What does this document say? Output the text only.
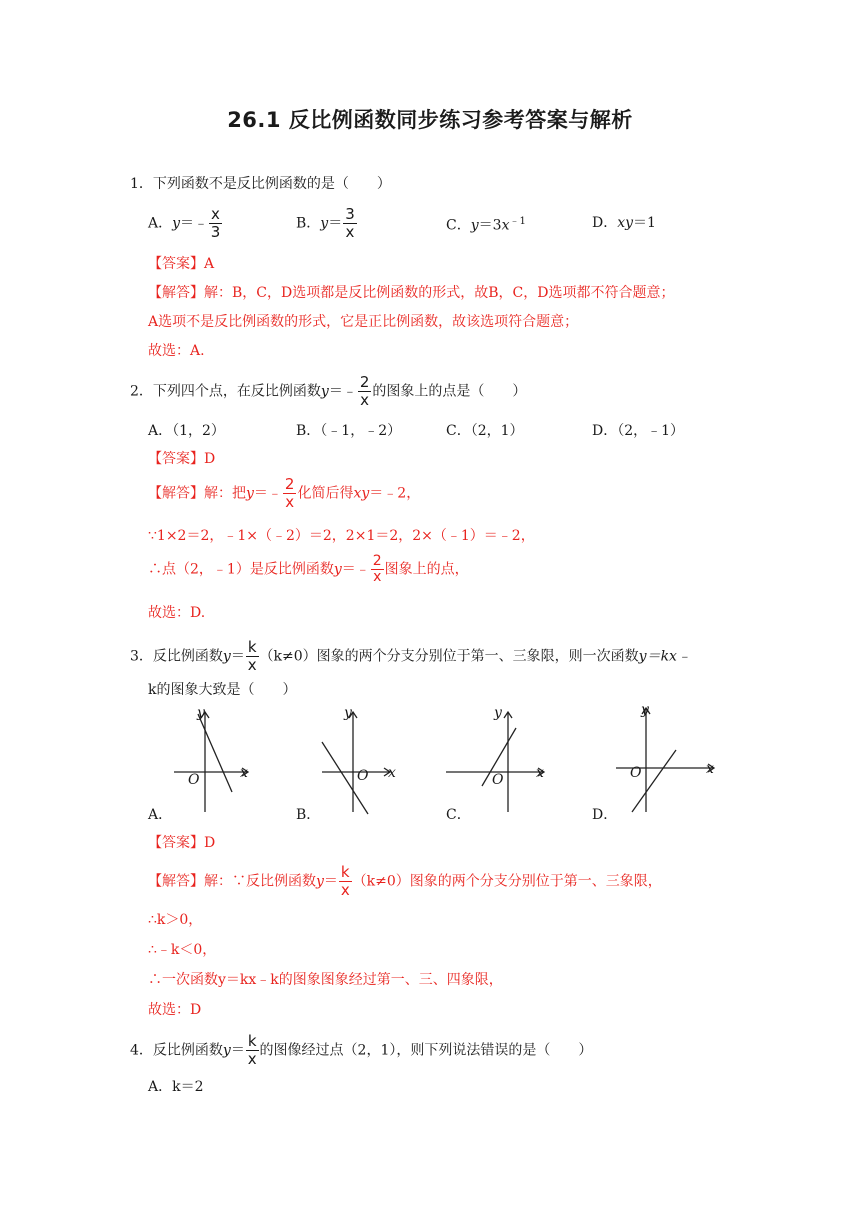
26.1 反比例函数同步练习参考答案与解析
1．下列函数不是反比例函数的是（　　）
A．y＝﹣ $\frac{x}{3}$	B．$y= \frac{3}{x}$	C．$y=3x^{﹣1}$	D．xy＝1
【答案】A
【解答】解：B，C，D选项都是反比例函数的形式，故B，C，D选项都不符合题意；
A选项不是反比例函数的形式，它是正比例函数，故该选项符合题意；
故选：A.
2．下列四个点，在反比例函数y＝﹣ $\frac{2}{x}$ 的图象上的点是（　　）
A．（1，2）	B．（﹣1，﹣2）	C．（2，1）	D．（2，﹣1）
【答案】D
【解答】解：把y＝﹣ $\frac{2}{x}$ 化简后得xy＝﹣2，
∵1×2＝2，﹣1×（﹣2）＝2，2×1＝2，2×（﹣1）＝﹣2，
∴点（2，﹣1）是反比例函数y＝﹣ $\frac{2}{x}$ 图象上的点，
故选：D.
3．反比例函数$y= \frac{k}{x} (k\ne 0)$图象的两个分支分别位于第一、三象限，则一次函数y＝kx﹣
k的图象大致是（　　）
y
x
O
y
x
O
y
x
O
y
x
O
A．	B．	C．	D．
【答案】D
【解答】解：∵反比例函数$y= \frac{k}{x} (k\ne 0)$图象的两个分支分别位于第一、三象限，
∴k＞0，
∴﹣k＜0，
∴一次函数y＝kx﹣k的图象图象经过第一、三、四象限，
故选：D
4．反比例函数$y= \frac{k}{x}$ 的图像经过点（2，1），则下列说法错误的是（　　）
A．k＝2
